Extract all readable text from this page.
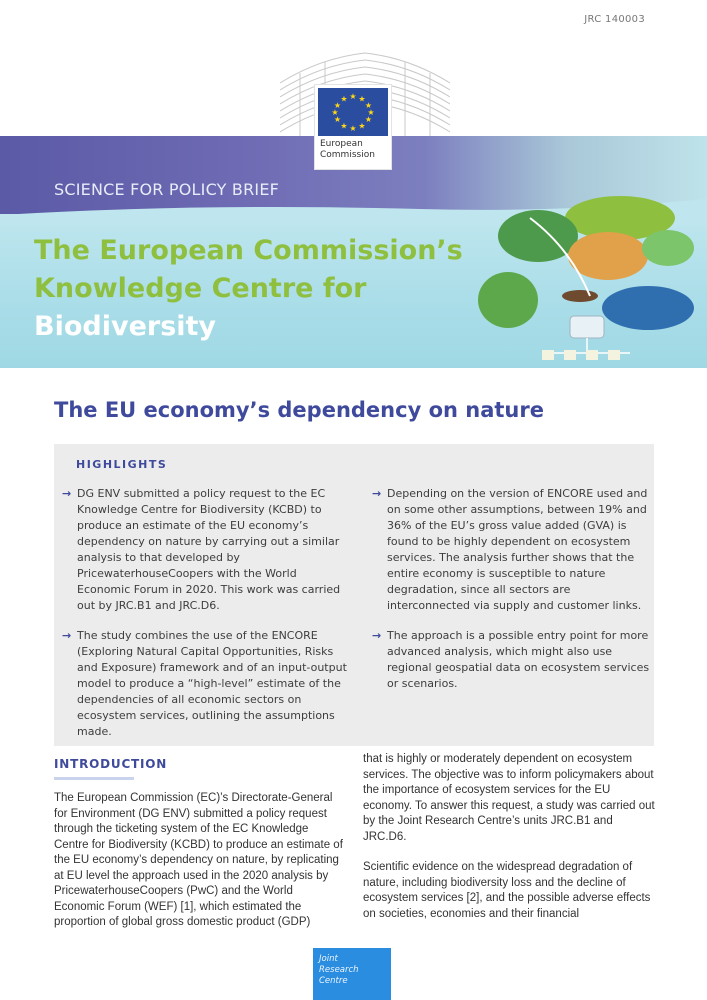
JRC 140003
★ ★
★
★
★
★
★
★
★
★
★
★
European
Commission
SCIENCE FOR POLICY BRIEF
The European Commission’s
Knowledge Centre for
Biodiversity
The EU economy’s dependency on nature
HIGHLIGHTS
→ DG ENV submitted a policy request to the EC Knowledge Centre for Biodiversity (KCBD) to produce an estimate of the EU economy’s dependency on nature by carrying out a similar analysis to that developed by PricewaterhouseCoopers with the World Economic Forum in 2020. This work was carried out by JRC.B1 and JRC.D6.
→ The study combines the use of the ENCORE (Exploring Natural Capital Opportunities, Risks and Exposure) framework and of an input-output model to produce a “high-level” estimate of the dependencies of all economic sectors on ecosystem services, outlining the assumptions made.
→ Depending on the version of ENCORE used and on some other assumptions, between 19% and 36% of the EU’s gross value added (GVA) is found to be highly dependent on ecosystem services. The analysis further shows that the entire economy is susceptible to nature degradation, since all sectors are interconnected via supply and customer links.
→ The approach is a possible entry point for more advanced analysis, which might also use regional geospatial data on ecosystem services or scenarios.
INTRODUCTION

The European Commission (EC)’s Directorate-General for Environment (DG ENV) submitted a policy request through the ticketing system of the EC Knowledge Centre for Biodiversity (KCBD) to produce an estimate of the EU economy’s dependency on nature, by replicating at EU level the approach used in the 2020 analysis by PricewaterhouseCoopers (PwC) and the World Economic Forum (WEF) [1], which estimated the proportion of global gross domestic product (GDP)

that is highly or moderately dependent on ecosystem services. The objective was to inform policymakers about the importance of ecosystem services for the EU economy. To answer this request, a study was carried out by the Joint Research Centre’s units JRC.B1 and JRC.D6.

Scientific evidence on the widespread degradation of nature, including biodiversity loss and the decline of ecosystem services [2], and the possible adverse effects on societies, economies and their financial

Joint
Research
Centre
